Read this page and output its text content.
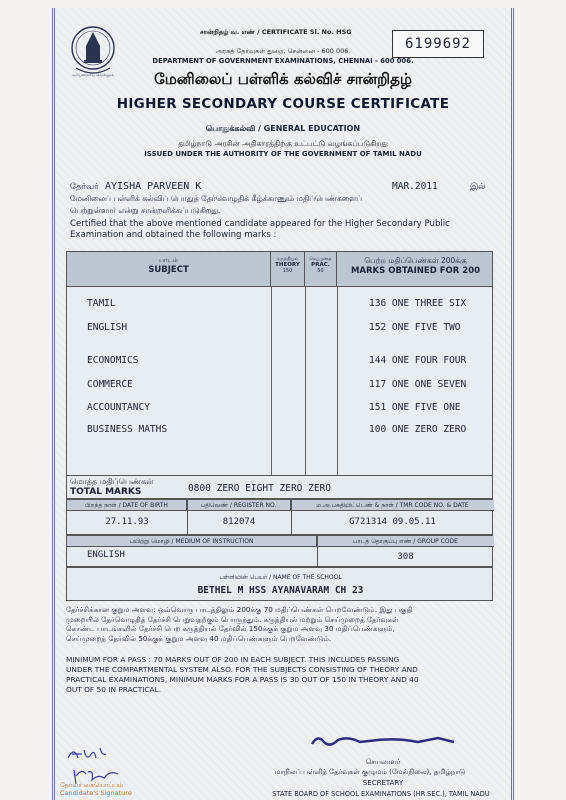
வாய்மையே வெல்லும்
சான்றிதழ் வ. எண் / CERTIFICATE Sl. No. HSG
6199692
அரசுத் தேர்வுகள் துறை, சென்னை - 600 006.
DEPARTMENT OF GOVERNMENT EXAMINATIONS, CHENNAI - 600 006.
மேனிலைப் பள்ளிக் கல்விச் சான்றிதழ்
HIGHER SECONDARY COURSE CERTIFICATE
பொதுக்கல்வி / GENERAL EDUCATION
தமிழ்நாடு அரசின் அதிகாரத்திற்கு உட்பட்டு வழங்கப்படுகிறது
ISSUED UNDER THE AUTHORITY OF THE GOVERNMENT OF TAMIL NADU
தேர்வர் AYISHA PARVEEN K	MAR.2011	இல்
மேனிலைப் பள்ளிக் கல்விப் பொதுத் தேர்வெழுதிக் கீழ்க்காணும் மதிப்பெண்களைப்
பெற்றுள்ளார் என்று சான்றளிக்கப்படுகிறது.
Certified that the above mentioned candidate appeared for the Higher Secondary Public
Examination and obtained the following marks :
பாடம்
SUBJECT
கருத்தியல்
THEORY
150
செய்முறை
PRAC.
50
பெற்ற மதிப்பெண்கள் 200க்கு
MARKS OBTAINED FOR 200
TAMIL	136 ONE THREE SIX
ENGLISH	152 ONE FIVE TWO
ECONOMICS	144 ONE FOUR FOUR
COMMERCE	117 ONE ONE SEVEN
ACCOUNTANCY	151 ONE FIVE ONE
BUSINESS MATHS	100 ONE ZERO ZERO
மொத்த மதிப்பெண்கள்
TOTAL MARKS	0800 ZERO EIGHT ZERO ZERO
பிறந்த நாள் / DATE OF BIRTH	பதிவெண் / REGISTER NO.	ம.அ.பசுதியிட்டெண் & நாள் / TMR CODE NO. & DATE
27.11.93	812074	G721314 09.05.11
பயிற்று மொழி / MEDIUM OF INSTRUCTION	பாடத் தொகுப்பு எண் / GROUP CODE
ENGLISH	308
பள்ளியின் பெயர் / NAME OF THE SCHOOL
BETHEL M HSS AYANAVARAM CH 23
தேர்ச்சிக்கான குறும அளவு: ஒவ்வொரு பாடத்திலும் 200க்கு 70 மதிப்பெண்கள் பெறவேண்டும். இது பகுதி
முறையில் தேர்வெழுதித் தேர்ச்சி பெறுவதற்கும் பொருந்தும். கருத்தியல் மற்றும் செய்முறைத் தேர்வுகள்
கொண்ட பாடங்களில் தேர்ச்சி பெற கருத்தியல் தேர்வில் 150க்குக் குறும அளவு 30 மதிப்பெண்களும்,
செய்முறைத் தேர்வில் 50க்குக் குறும அளவு 40 மதிப்பெண்களும் பெறவேண்டும்.
MINIMUM FOR A PASS : 70 MARKS OUT OF 200 IN EACH SUBJECT. THIS INCLUDES PASSING
UNDER THE COMPARTMENTAL SYSTEM ALSO. FOR THE SUBJECTS CONSISTING OF THEORY AND
PRACTICAL EXAMINATIONS, MINIMUM MARKS FOR A PASS IS 30 OUT OF 150 IN THEORY AND 40
OUT OF 50 IN PRACTICAL.
தேர்வர் கையொப்பம்
Candidate's Signature
செயலாளர்
மாநிலப் பள்ளித் தேர்வுகள் குழுமம் (மேல்நிலை), தமிழ்நாடு
SECRETARY
STATE BOARD OF SCHOOL EXAMINATIONS (HR.SEC.), TAMIL NADU
